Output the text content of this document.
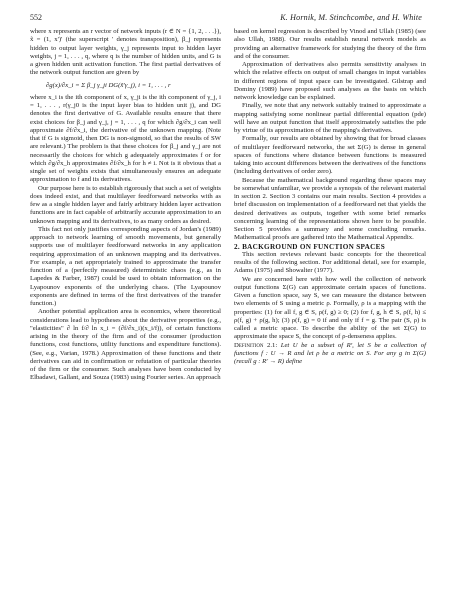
552	K. Hornik, M. Stinchcombe, and H. White

where x represents an r vector of network inputs (r ∈ N = {1, 2, . . .}), x̃ = (1, x')' (the superscript ' denotes transposition), β_j represents hidden to output layer weights, γ_j represents input to hidden layer weights, j = 1, . . . , q, where q is the number of hidden units, and G is a given hidden unit activation function. The first partial derivatives of the network output function are given by

∂g(x)/∂x_i = Σ β_j γ_ji DG(x̃'γ_j), i = 1, . . . , r

where x_i is the ith component of x, γ_ji is the ith component of γ_j, i = 1, . . . , r(γ_j0 is the input layer bias to hidden unit j), and DG denotes the first derivative of G. Available results ensure that there exist choices for β_j and γ_j, j = 1, . . . , q for which ∂g/∂x_i can well approximate ∂f/∂x_i, the derivative of the unknown mapping. (Note that if G is sigmoid, then DG is non-sigmoid, so that the results of SW are relevant.) The problem is that these choices for β_j and γ_j are not necessarily the choices for which g adequately approximates f or for which ∂g/∂x_h approximates ∂f/∂x_h for h ≠ i. Not is it obvious that a single set of weights exists that simultaneously ensures an adequate approximation to f and its derivatives.

Our purpose here is to establish rigorously that such a set of weights does indeed exist, and that multilayer feedforward networks with as few as a single hidden layer and fairly arbitrary hidden layer activation functions are in fact capable of arbitrarily accurate approximation to an unknown mapping and its derivatives, to as many orders as desired.

This fact not only justifies corresponding aspects of Jordan's (1989) approach to network learning of smooth movements, but generally supports use of multilayer feedforward networks in any application requiring approximation of an unknown mapping and its derivatives. For example, a net appropriately trained to approximate the transfer function of a (perfectly measured) deterministic chaos (e.g., as in Lapedes & Farber, 1987) could be used to obtain information on the Lyapounov exponents of the underlying chaos. (The Lyapounov exponents are defined in terms of the first derivatives of the transfer function.)

Another potential application area is economics, where theoretical considerations lead to hypotheses about the derivative properties (e.g., "elasticities" ∂ ln f/∂ ln x_i = (∂f/∂x_i)(x_i/f)), of certain functions arising in the theory of the firm and of the consumer (production functions, cost functions, utility functions and expenditure functions). (See, e.g., Varian, 1978.) Approximation of these functions and their derivatives can aid in confirmation or refutation of particular theories of the firm or the consumer. Such analyses have been conducted by Elbadawi, Gallant, and Souza (1983) using Fourier series. An approach

based on kernel regression is described by Vinod and Ullah (1985) (see also Ullah, 1988). Our results establish neural network models as providing an alternative framework for studying the theory of the firm and of the consumer.

Approximation of derivatives also permits sensitivity analyses in which the relative effects on output of small changes in input variables in different regions of input space can be investigated. Gilstrap and Dominy (1989) have proposed such analyses as the basis on which network knowledge can be explained.

Finally, we note that any network suitably trained to approximate a mapping satisfying some nonlinear partial differential equation (pde) will have an output function that itself approximately satisfies the pde by virtue of its approximation of the mapping's derivatives.

Formally, our results are obtained by showing that for broad classes of multilayer feedforward networks, the set Σ(G) is dense in general spaces of functions where distance between functions is measured taking into account differences between the derivatives of the functions (including derivatives of order zero).

Because the mathematical background regarding these spaces may be somewhat unfamiliar, we provide a synopsis of the relevant material in section 2. Section 3 contains our main results. Section 4 provides a brief discussion on implementation of a feedforward net that yields the desired derivatives as outputs, together with some brief remarks concerning learning of the representations shown here to be possible. Section 5 provides a summary and some concluding remarks. Mathematical proofs are gathered into the Mathematical Appendix.

2. BACKGROUND ON FUNCTION SPACES

This section reviews relevant basic concepts for the theoretical results of the following section. For additional detail, see for example, Adams (1975) and Showalter (1977).

We are concerned here with how well the collection of network output functions Σ(G) can approximate certain spaces of functions. Given a function space, say S, we can measure the distance between two elements of S using a metric ρ. Formally, ρ is a mapping with the properties: (1) for all f, g ∈ S, ρ(f, g) ≥ 0; (2) for f, g, h ∈ S, ρ(f, h) ≤ ρ(f, g) + ρ(g, h); (3) ρ(f, g) = 0 if and only if f = g. The pair (S, ρ) is called a metric space. To describe the ability of the set Σ(G) to approximate the space S, the concept of ρ-denseness applies.

Definition 2.1: Let U be a subset of Rʳ, let S be a collection of functions f : U → R and let ρ be a metric on S. For any g in Σ(G) (recall g : Rʳ → R) define
